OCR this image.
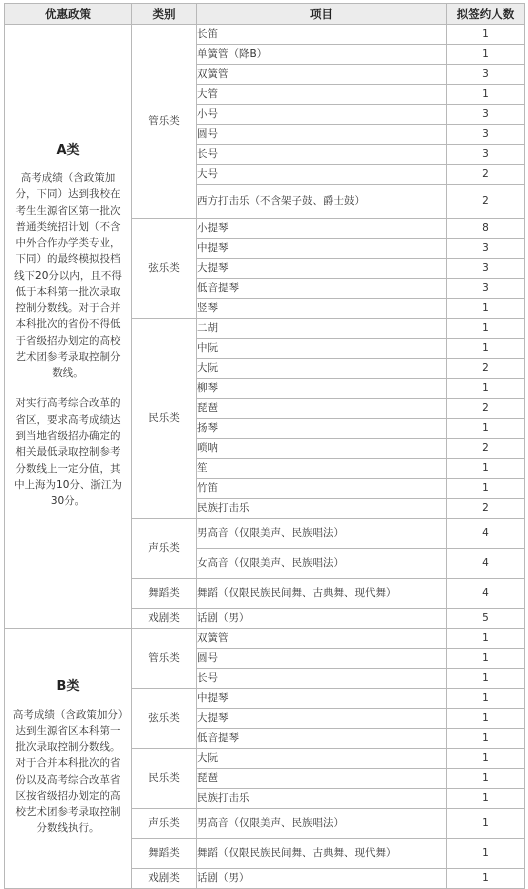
优惠政策	类别	项目	拟签约人数

A类
高考成绩（含政策加分，下同）达到我校在考生生源省区第一批次普通类统招计划（不含中外合作办学类专业，下同）的最终模拟投档线下20分以内，且不得低于本科第一批次录取控制分数线。对于合并本科批次的省份不得低于省级招办划定的高校艺术团参考录取控制分数线。
对实行高考综合改革的省区，要求高考成绩达到当地省级招办确定的相关最低录取控制参考分数线上一定分值，其中上海为10分、浙江为30分。	管乐类	长笛	1
		单簧管（降B）	1
		双簧管	3
		大管	1
		小号	3
		圆号	3
		长号	3
		大号	2
		西方打击乐（不含架子鼓、爵士鼓）	2
	弦乐类	小提琴	8
		中提琴	3
		大提琴	3
		低音提琴	3
		竖琴	1
	民乐类	二胡	1
		中阮	1
		大阮	2
		柳琴	1
		琵琶	2
		扬琴	1
		唢呐	2
		笙	1
		竹笛	1
		民族打击乐	2
	声乐类	男高音（仅限美声、民族唱法）	4
		女高音（仅限美声、民族唱法）	4
	舞蹈类	舞蹈（仅限民族民间舞、古典舞、现代舞）	4
	戏剧类	话剧（男）	5

B类
高考成绩（含政策加分）达到生源省区本科第一批次录取控制分数线。对于合并本科批次的省份以及高考综合改革省区按省级招办划定的高校艺术团参考录取控制分数线执行。	管乐类	双簧管	1
		圆号	1
		长号	1
	弦乐类	中提琴	1
		大提琴	1
		低音提琴	1
	民乐类	大阮	1
		琵琶	1
		民族打击乐	1
	声乐类	男高音（仅限美声、民族唱法）	1
	舞蹈类	舞蹈（仅限民族民间舞、古典舞、现代舞）	1
	戏剧类	话剧（男）	1
